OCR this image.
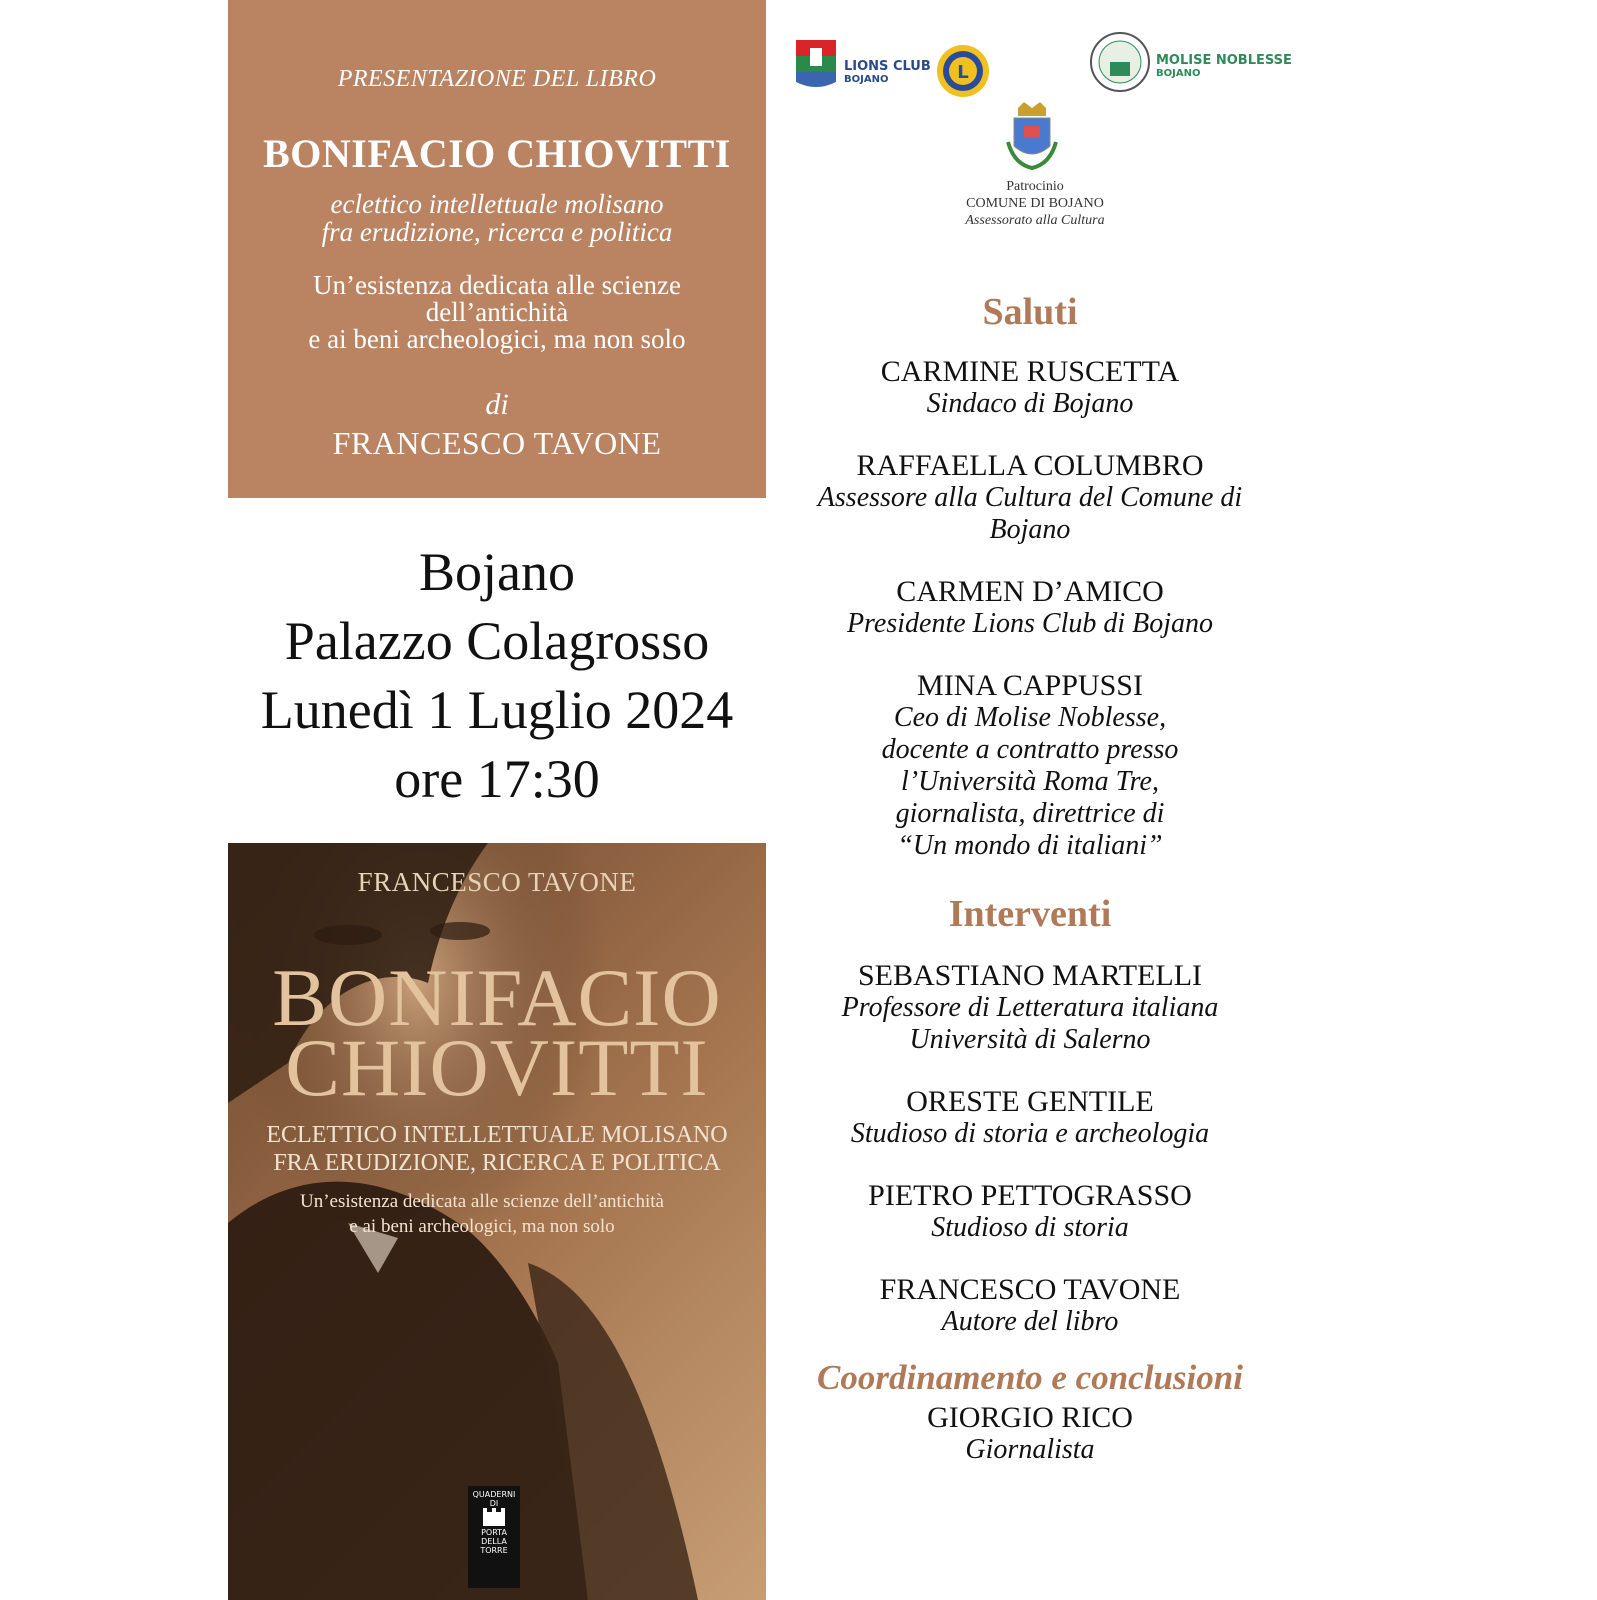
PRESENTAZIONE DEL LIBRO
BONIFACIO CHIOVITTI
eclettico intellettuale molisano
fra erudizione, ricerca e politica
Un’esistenza dedicata alle scienze
dell’antichità
e ai beni archeologici, ma non solo
di
FRANCESCO TAVONE
Bojano
Palazzo Colagrosso
Lunedì 1 Luglio 2024
ore 17:30
FRANCESCO TAVONE
BONIFACIO
CHIOVITTI
ECLETTICO INTELLETTUALE MOLISANO
FRA ERUDIZIONE, RICERCA E POLITICA
Un’esistenza dedicata alle scienze dell’antichità
e ai beni archeologici, ma non solo
QUADERNI DI
PORTA
DELLA
TORRE
LIONS CLUB
BOJANO	L
MOLISE NOBLESSE
BOJANO
Patrocinio
COMUNE DI BOJANO
Assessorato alla Cultura
Saluti
CARMINE RUSCETTA
Sindaco di Bojano
RAFFAELLA COLUMBRO
Assessore alla Cultura del Comune di
Bojano
CARMEN D’AMICO
Presidente Lions Club di Bojano
MINA CAPPUSSI
Ceo di Molise Noblesse,
docente a contratto presso
l’Università Roma Tre,
giornalista, direttrice di
“Un mondo di italiani”
Interventi
SEBASTIANO MARTELLI
Professore di Letteratura italiana
Università di Salerno
ORESTE GENTILE
Studioso di storia e archeologia
PIETRO PETTOGRASSO
Studioso di storia
FRANCESCO TAVONE
Autore del libro
Coordinamento e conclusioni
GIORGIO RICO
Giornalista
